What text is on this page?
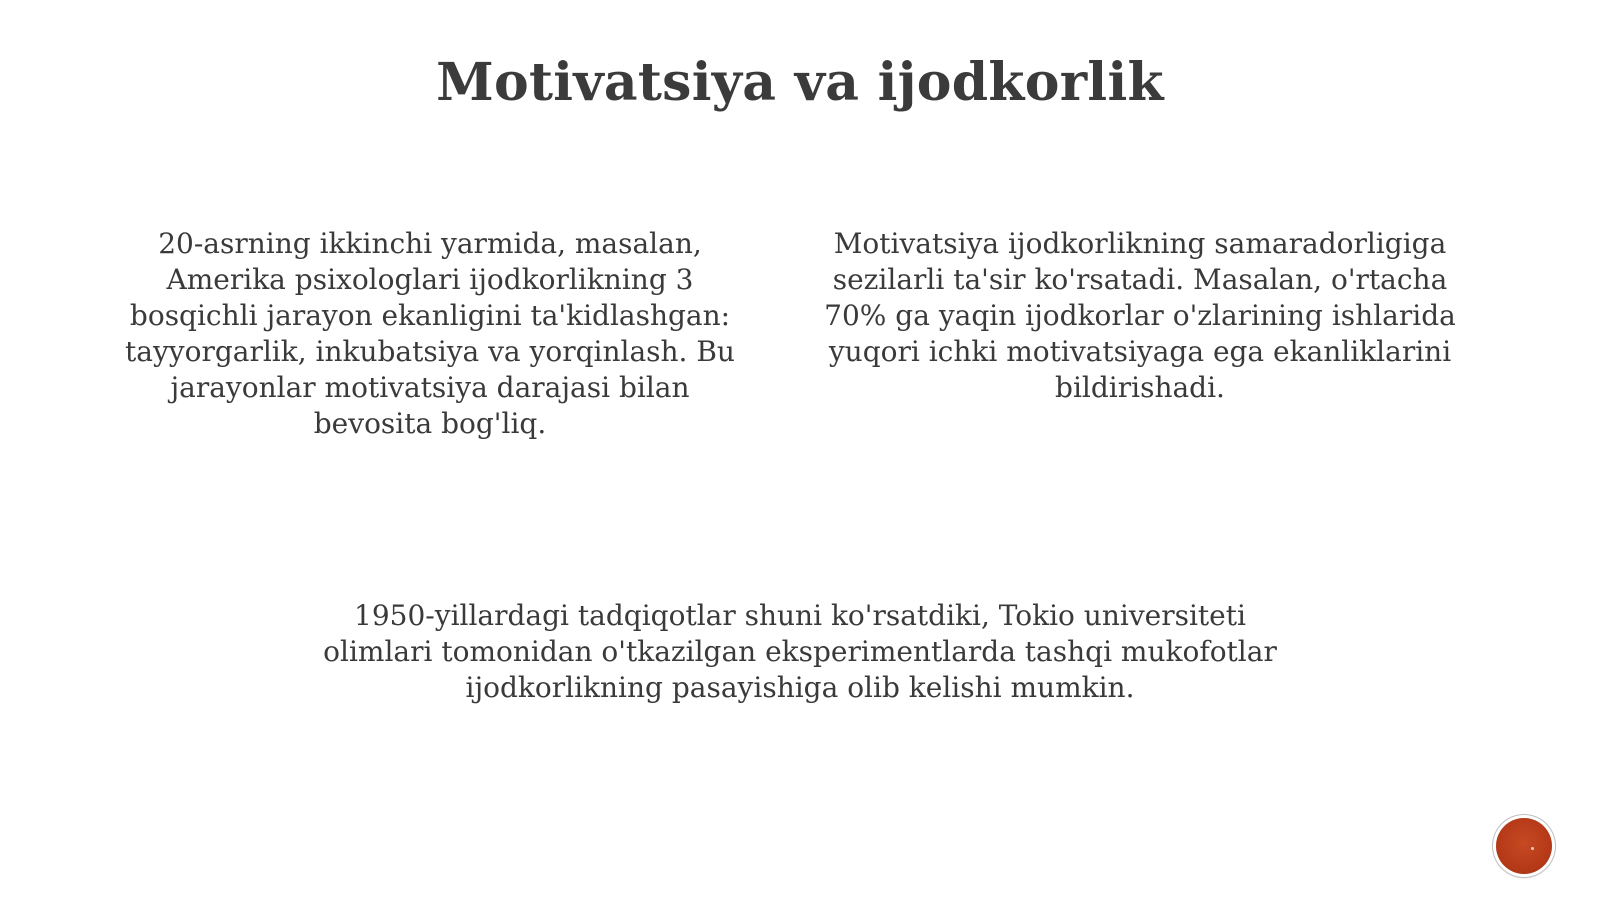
Motivatsiya va ijodkorlik
20-asrning ikkinchi yarmida, masalan, Amerika psixologlari ijodkorlikning 3 bosqichli jarayon ekanligini ta'kidlashgan: tayyorgarlik, inkubatsiya va yorqinlash. Bu jarayonlar motivatsiya darajasi bilan bevosita bog'liq.
Motivatsiya ijodkorlikning samaradorligiga sezilarli ta'sir ko'rsatadi. Masalan, o'rtacha 70% ga yaqin ijodkorlar o'zlarining ishlarida yuqori ichki motivatsiyaga ega ekanliklarini bildirishadi.
1950-yillardagi tadqiqotlar shuni ko'rsatdiki, Tokio universiteti olimlari tomonidan o'tkazilgan eksperimentlarda tashqi mukofotlar ijodkorlikning pasayishiga olib kelishi mumkin.
